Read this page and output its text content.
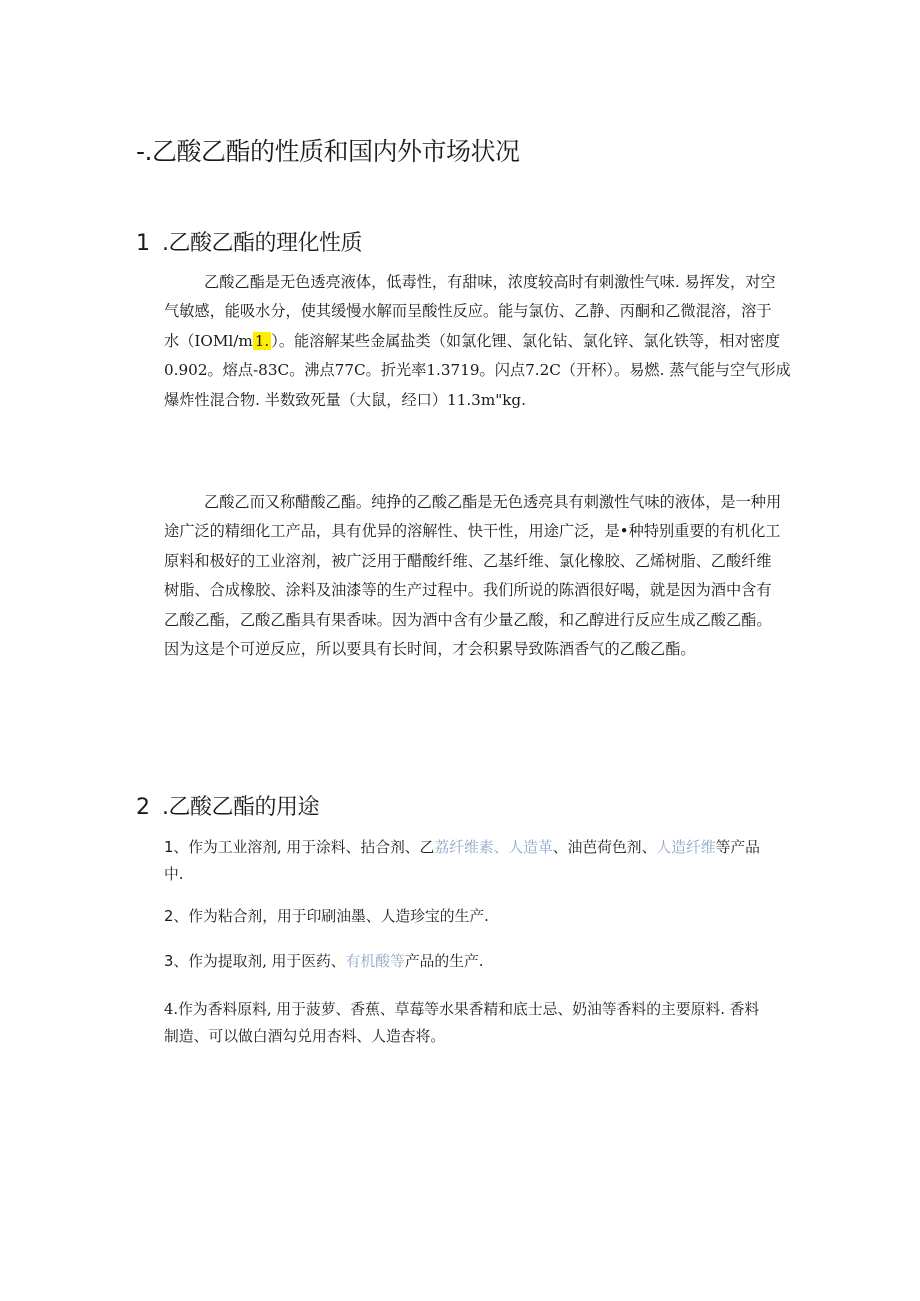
-.乙酸乙酯的性质和国内外市场状况
1 .乙酸乙酯的理化性质
乙酸乙酯是无色透亮液体，低毒性，有甜味，浓度较高时有刺激性气味. 易挥发，对空
气敏感，能吸水分，使其缓慢水解而呈酸性反应。能与氯仿、乙静、丙酮和乙微混溶，溶于
水（IOMl/m 1. ）。能溶解某些金属盐类（如氯化锂、氯化钻、氯化锌、氯化铁等，相对密度
0.902。熔点-83C。沸点77C。折光率1.3719。闪点7.2C（开杯）。易燃. 蒸气能与空气形成
爆炸性混合物. 半数致死量（大鼠，经口）11.3m"kg.
乙酸乙而又称醋酸乙酯。纯挣的乙酸乙酯是无色透亮具有刺激性气味的液体，是一种用
途广泛的精细化工产品，具有优异的溶解性、快干性，用途广泛，是•种特别重要的有机化工
原料和极好的工业溶剂，被广泛用于醋酸纤维、乙基纤维、氯化橡胶、乙烯树脂、乙酸纤维
树脂、合成橡胶、涂料及油漆等的生产过程中。我们所说的陈酒很好喝，就是因为酒中含有
乙酸乙酯，乙酸乙酯具有果香味。因为酒中含有少量乙酸，和乙醇进行反应生成乙酸乙酯。
因为这是个可逆反应，所以要具有长时间，才会积累导致陈酒香气的乙酸乙酯。
2 .乙酸乙酯的用途
1、作为工业溶剂, 用于涂料、拈合剂、乙荔纤维素、人造革、油芭荷色剂、人造纤维等产品
中.
2、作为粘合剂，用于印刷油墨、人造珍宝的生产.
3、作为提取剂, 用于医药、有机酸等产品的生产.
4.作为香料原料, 用于菠萝、香蕉、草莓等水果香精和底士忌、奶油等香料的主要原料. 香料
制造、可以做白酒勾兑用杏料、人造杏将。
